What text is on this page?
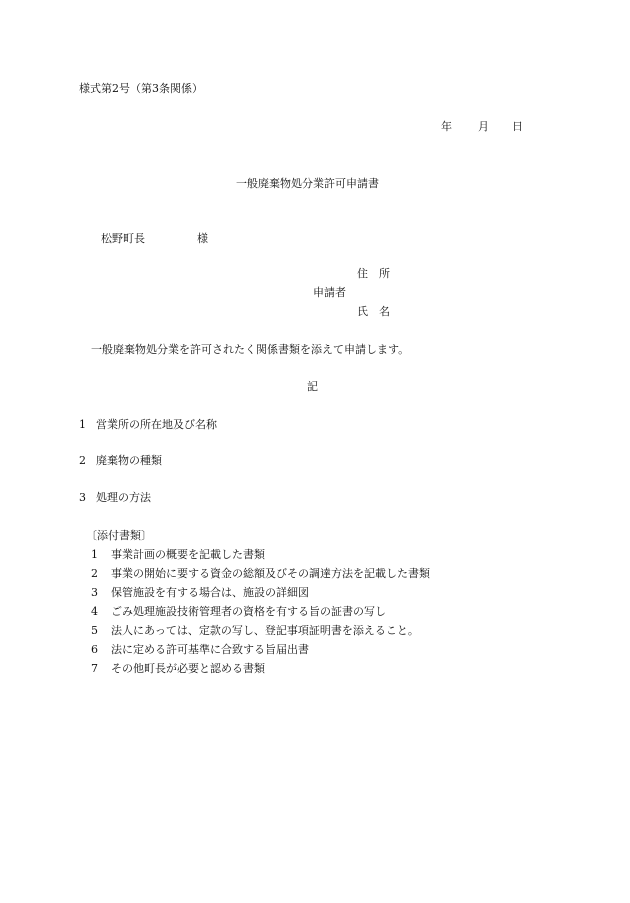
様式第2号（第3条関係）
年 月 日
一般廃棄物処分業許可申請書
松野町長	様
住　所
申請者
氏　名
一般廃棄物処分業を許可されたく関係書類を添えて申請します。
記
1 営業所の所在地及び名称
2 廃棄物の種類
3 処理の方法
〔添付書類〕
1 事業計画の概要を記載した書類
2 事業の開始に要する資金の総額及びその調達方法を記載した書類
3 保管施設を有する場合は、施設の詳細図
4 ごみ処理施設技術管理者の資格を有する旨の証書の写し
5 法人にあっては、定款の写し、登記事項証明書を添えること。
6 法に定める許可基準に合致する旨届出書
7 その他町長が必要と認める書類
